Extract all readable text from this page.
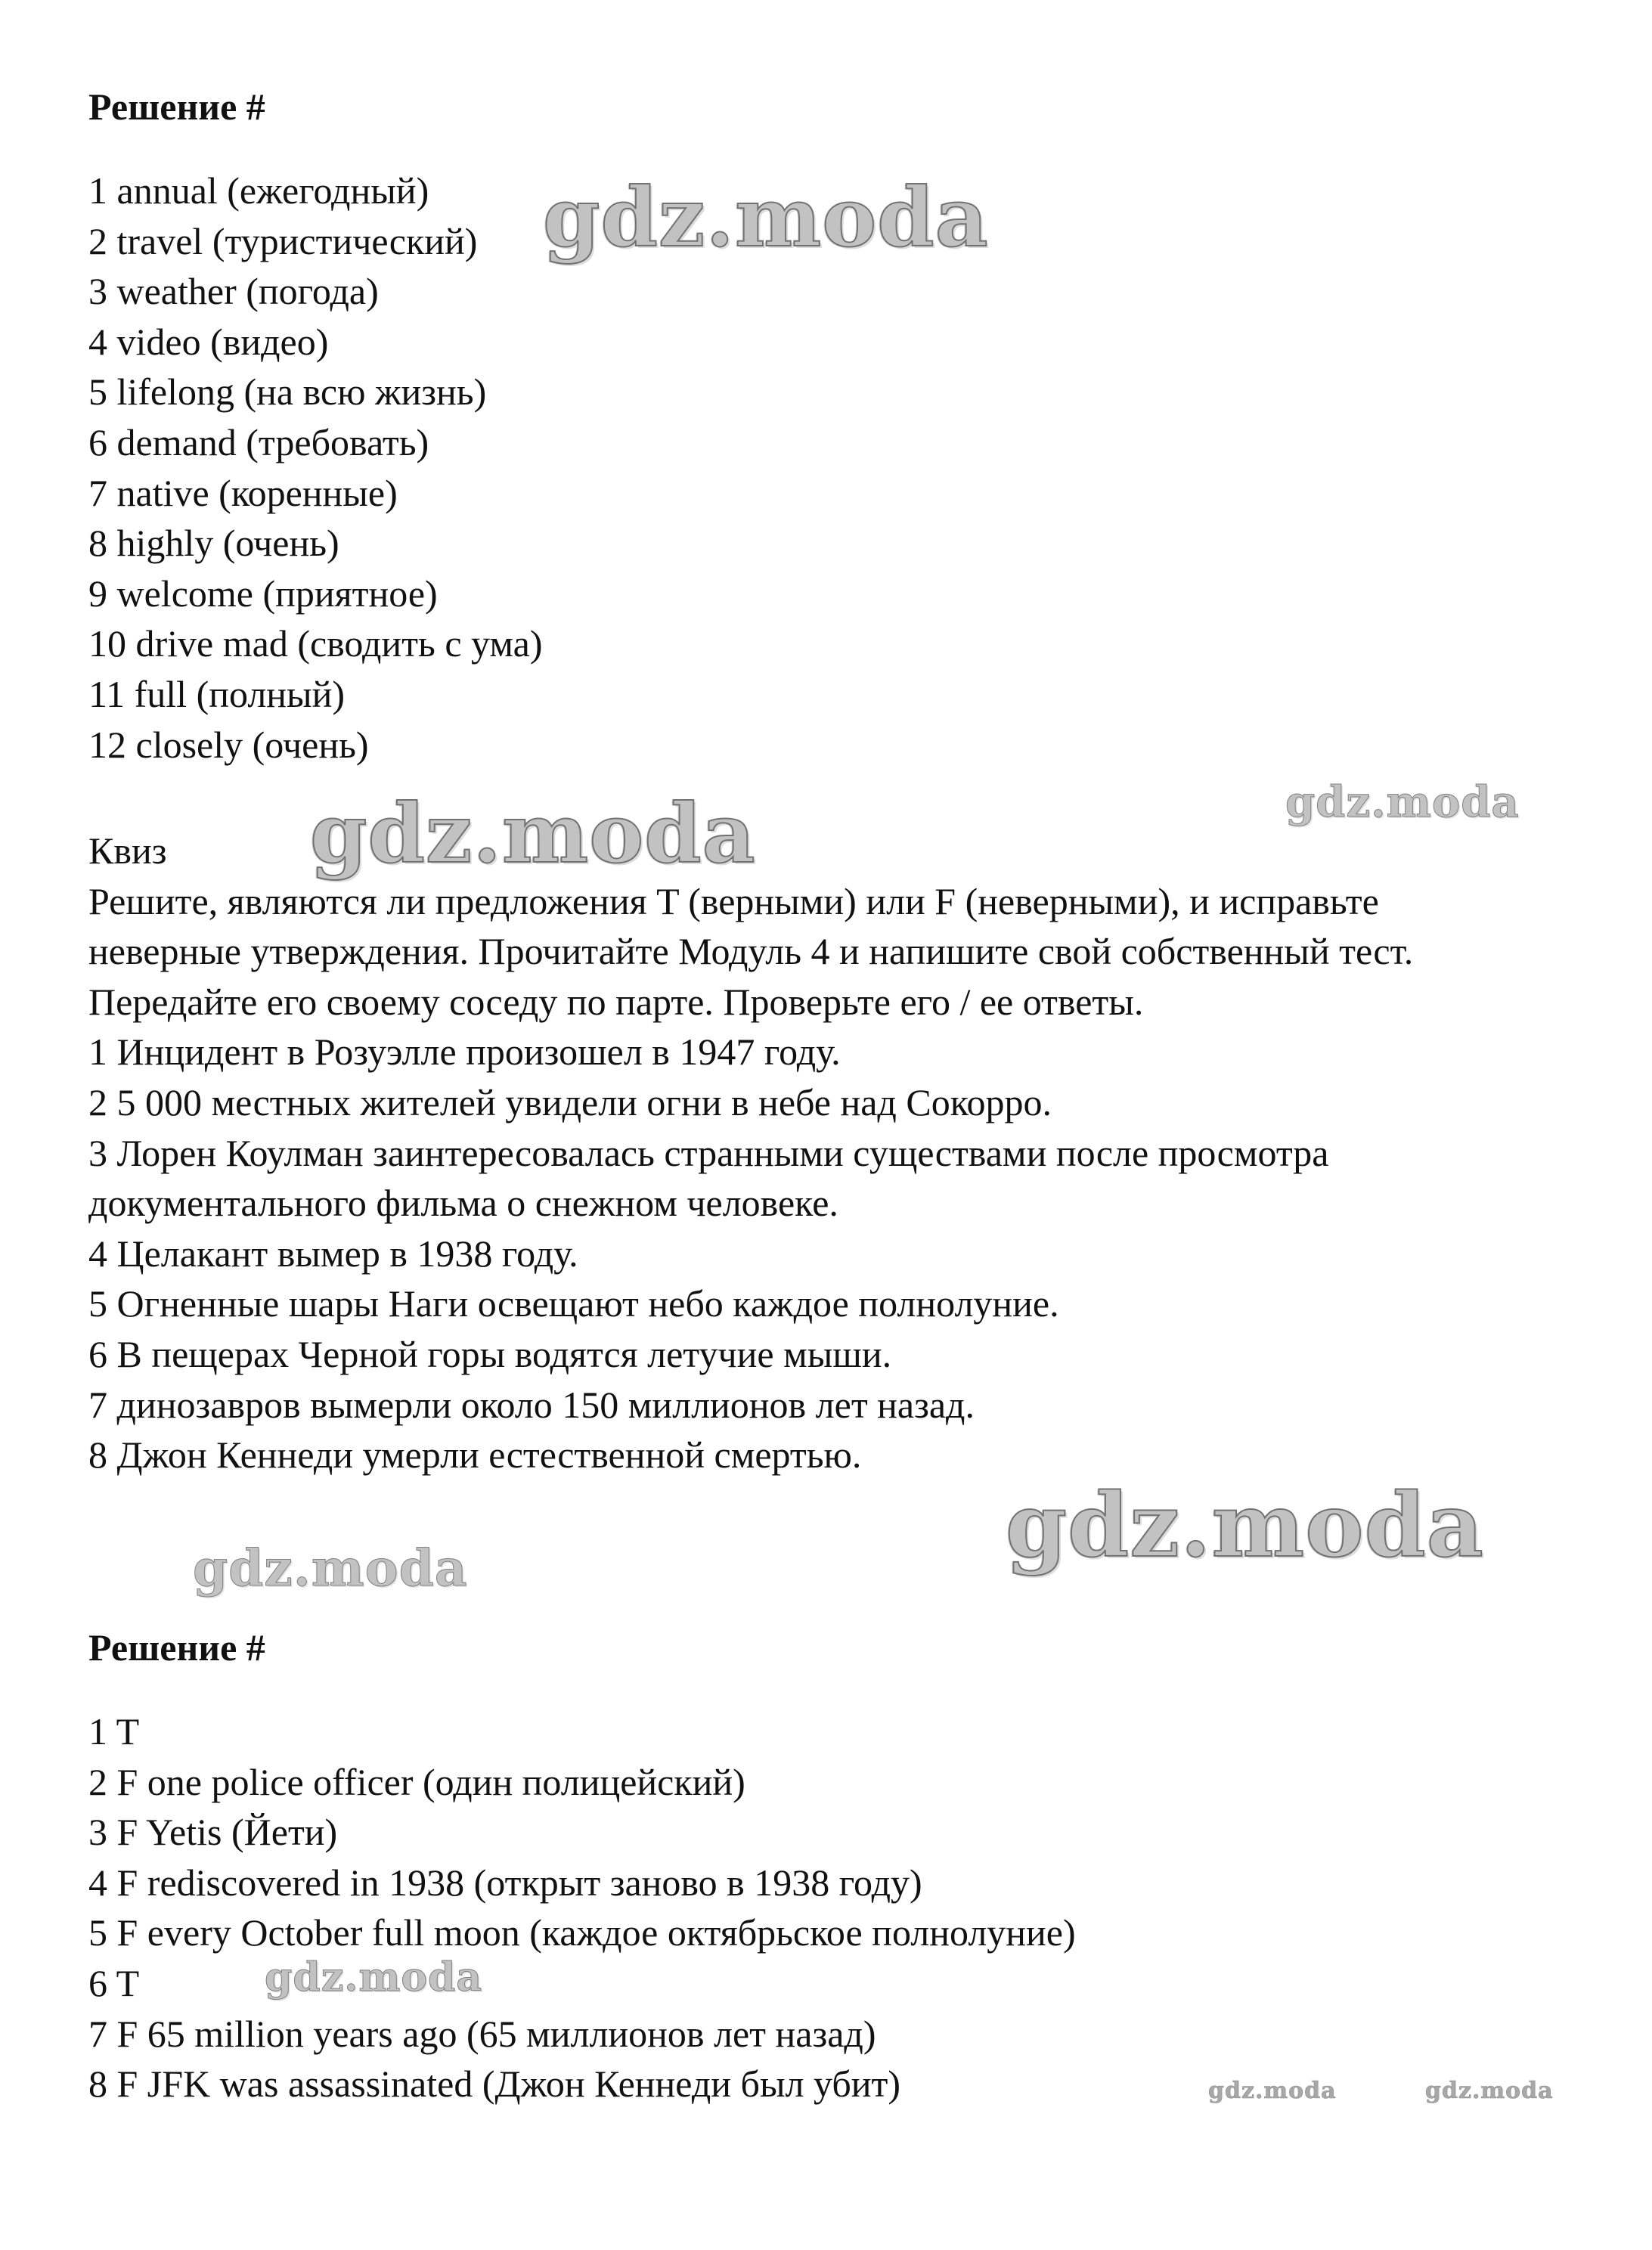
Решение #
1 annual (ежегодный)
2 travel (туристический)
3 weather (погода)
4 video (видео)
5 lifelong (на всю жизнь)
6 demand (требовать)
7 native (коренные)
8 highly (очень)
9 welcome (приятное)
10 drive mad (сводить с ума)
11 full (полный)
12 closely (очень)
Квиз
Решите, являются ли предложения T (верными) или F (неверными), и исправьте неверные утверждения. Прочитайте Модуль 4 и напишите свой собственный тест. Передайте его своему соседу по парте. Проверьте его / ее ответы.
1 Инцидент в Розуэлле произошел в 1947 году.
2 5 000 местных жителей увидели огни в небе над Сокорро.
3 Лорен Коулман заинтересовалась странными существами после просмотра документального фильма о снежном человеке.
4 Целакант вымер в 1938 году.
5 Огненные шары Наги освещают небо каждое полнолуние.
6 В пещерах Черной горы водятся летучие мыши.
7 динозавров вымерли около 150 миллионов лет назад.
8 Джон Кеннеди умерли естественной смертью.
Решение #
1 T
2 F one police officer (один полицейский)
3 F Yetis (Йети)
4 F rediscovered in 1938 (открыт заново в 1938 году)
5 F every October full moon (каждое октябрьское полнолуние)
6 T
7 F 65 million years ago (65 миллионов лет назад)
8 F JFK was assassinated (Джон Кеннеди был убит)
gdz.moda
gdz.moda	gdz.moda
gdz.moda
gdz.moda
gdz.moda
gdz.moda	gdz.moda
